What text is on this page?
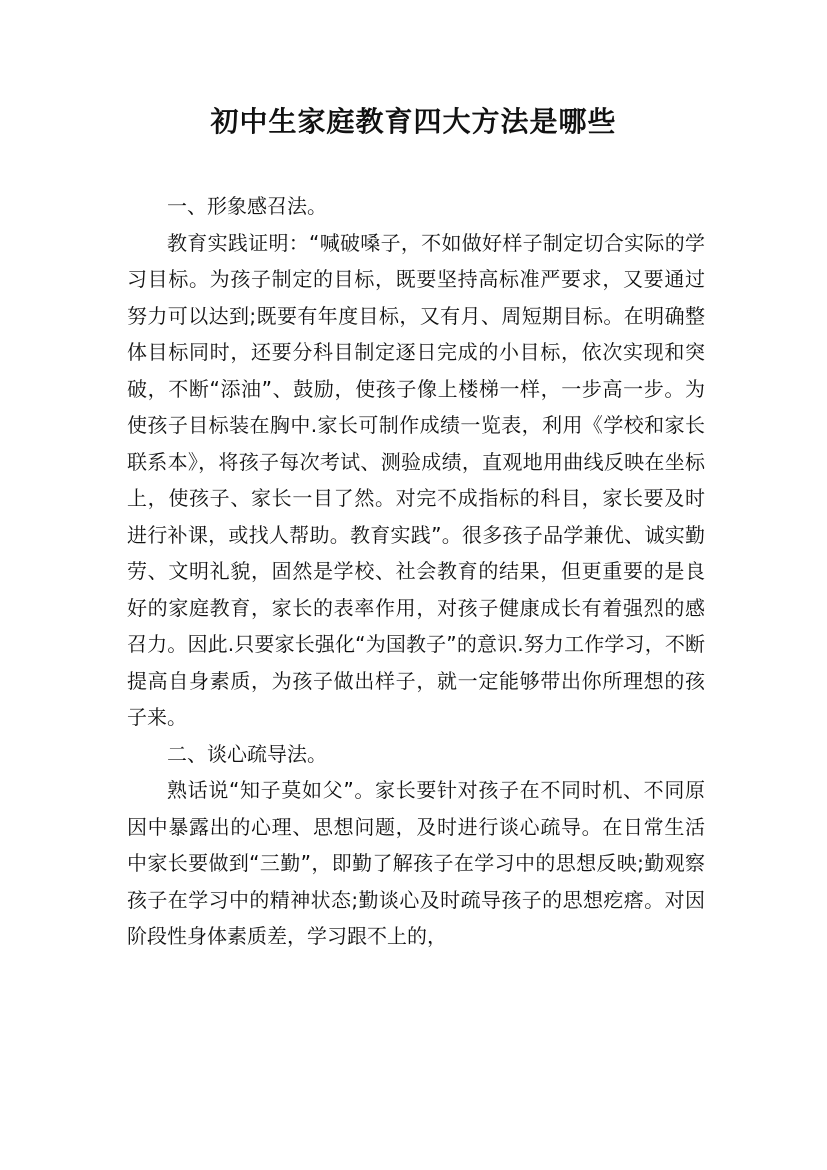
初中生家庭教育四大方法是哪些

一、形象感召法。

教育实践证明：“喊破嗓子，不如做好样子制定切合实际的学习目标。为孩子制定的目标，既要坚持高标准严要求，又要通过努力可以达到;既要有年度目标，又有月、周短期目标。在明确整体目标同时，还要分科目制定逐日完成的小目标，依次实现和突破，不断“添油”、鼓励，使孩子像上楼梯一样，一步高一步。为使孩子目标装在胸中.家长可制作成绩一览表，利用《学校和家长联系本》，将孩子每次考试、测验成绩，直观地用曲线反映在坐标上，使孩子、家长一目了然。对完不成指标的科目，家长要及时进行补课，或找人帮助。教育实践”。很多孩子品学兼优、诚实勤劳、文明礼貌，固然是学校、社会教育的结果，但更重要的是良好的家庭教育，家长的表率作用，对孩子健康成长有着强烈的感召力。因此.只要家长强化“为国教子”的意识.努力工作学习，不断提高自身素质，为孩子做出样子，就一定能够带出你所理想的孩子来。

二、谈心疏导法。

熟话说“知子莫如父”。家长要针对孩子在不同时机、不同原因中暴露出的心理、思想问题，及时进行谈心疏导。在日常生活中家长要做到“三勤”，即勤了解孩子在学习中的思想反映;勤观察孩子在学习中的精神状态;勤谈心及时疏导孩子的思想疙瘩。对因阶段性身体素质差，学习跟不上的，
